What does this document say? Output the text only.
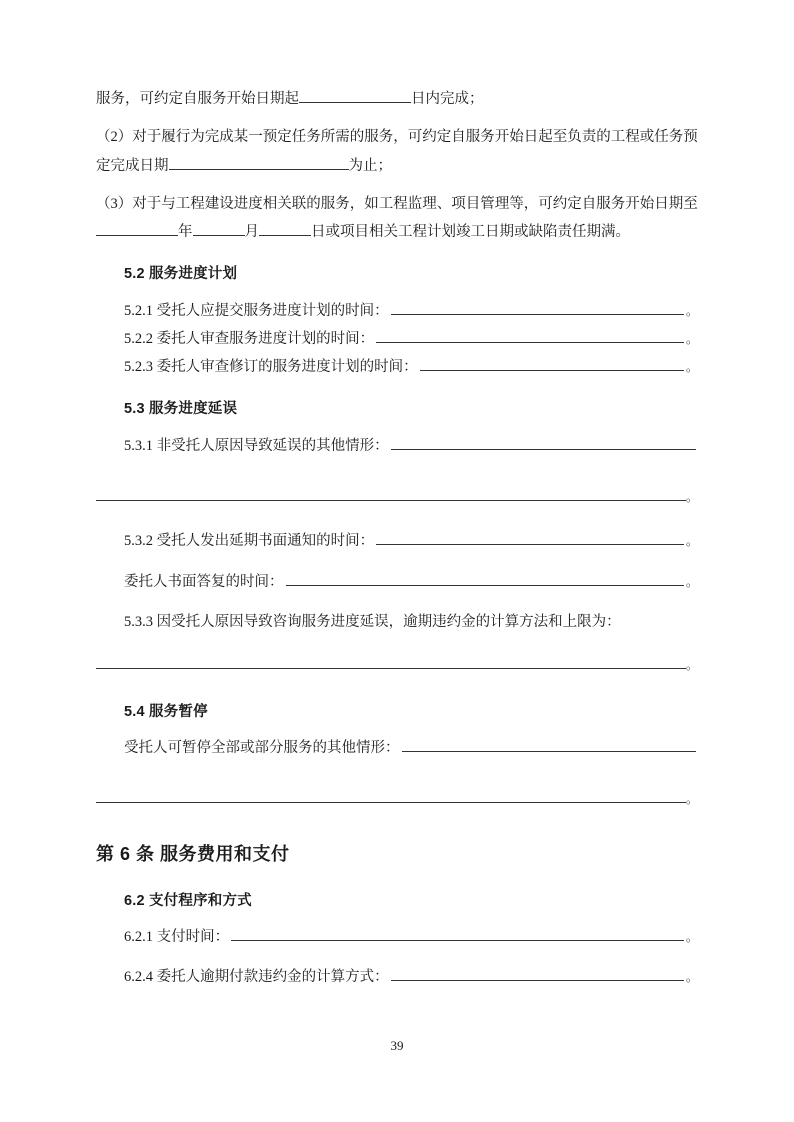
服务，可约定自服务开始日期起	日内完成；

（2）对于履行为完成某一预定任务所需的服务，可约定自服务开始日起至负责的工程或任务预定完成日期	为止；

（3）对于与工程建设进度相关联的服务，如工程监理、项目管理等，可约定自服务开始日期至年	月	日或项目相关工程计划竣工日期或缺陷责任期满。

5.2 服务进度计划

5.2.1 受托人应提交服务进度计划的时间：	。
5.2.2 委托人审查服务进度计划的时间：	。
5.2.3 委托人审查修订的服务进度计划的时间：	。

5.3 服务进度延误

5.3.1 非受托人原因导致延误的其他情形：
。
5.3.2 受托人发出延期书面通知的时间：	。
委托人书面答复的时间：	。
5.3.3 因受托人原因导致咨询服务进度延误，逾期违约金的计算方法和上限为：
。

5.4 服务暂停

受托人可暂停全部或部分服务的其他情形：
。

第 6 条 服务费用和支付

6.2 支付程序和方式

6.2.1 支付时间：	。
6.2.4 委托人逾期付款违约金的计算方式：	。
39
